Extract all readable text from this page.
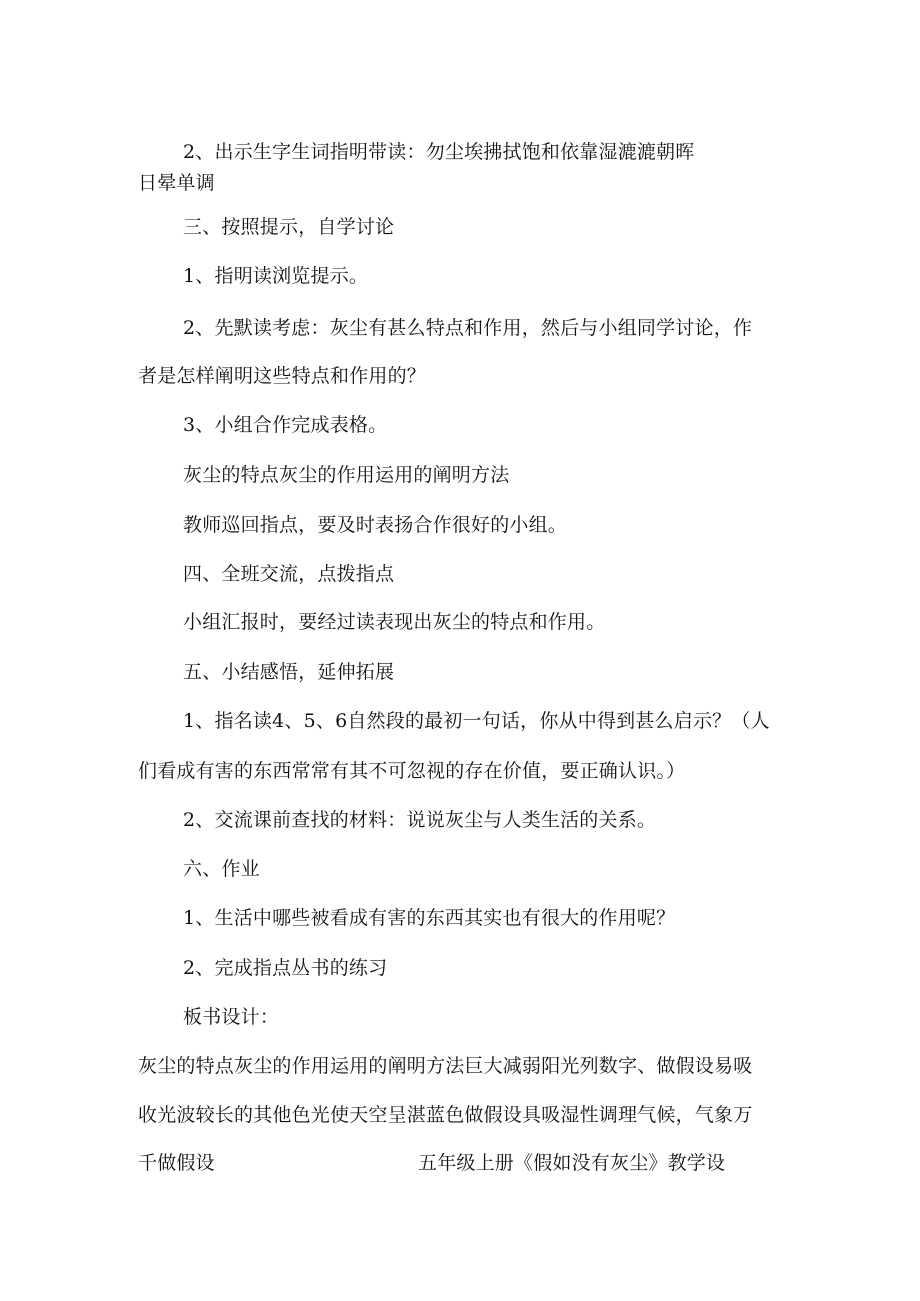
2、出示生字生词指明带读：勿尘埃拂拭饱和依靠湿漉漉朝晖
日晕单调
三、按照提示，自学讨论
1、指明读浏览提示。
2、先默读考虑：灰尘有甚么特点和作用，然后与小组同学讨论，作
者是怎样阐明这些特点和作用的？
3、小组合作完成表格。
灰尘的特点灰尘的作用运用的阐明方法
教师巡回指点，要及时表扬合作很好的小组。
四、全班交流，点拨指点
小组汇报时，要经过读表现出灰尘的特点和作用。
五、小结感悟，延伸拓展
1、指名读4、5、6自然段的最初一句话，你从中得到甚么启示？（人
们看成有害的东西常常有其不可忽视的存在价值，要正确认识。）
2、交流课前查找的材料：说说灰尘与人类生活的关系。
六、作业
1、生活中哪些被看成有害的东西其实也有很大的作用呢？
2、完成指点丛书的练习
板书设计：
灰尘的特点灰尘的作用运用的阐明方法巨大减弱阳光列数字、做假设易吸
收光波较长的其他色光使天空呈湛蓝色做假设具吸湿性调理气候，气象万
千做假设	五年级上册《假如没有灰尘》教学设
